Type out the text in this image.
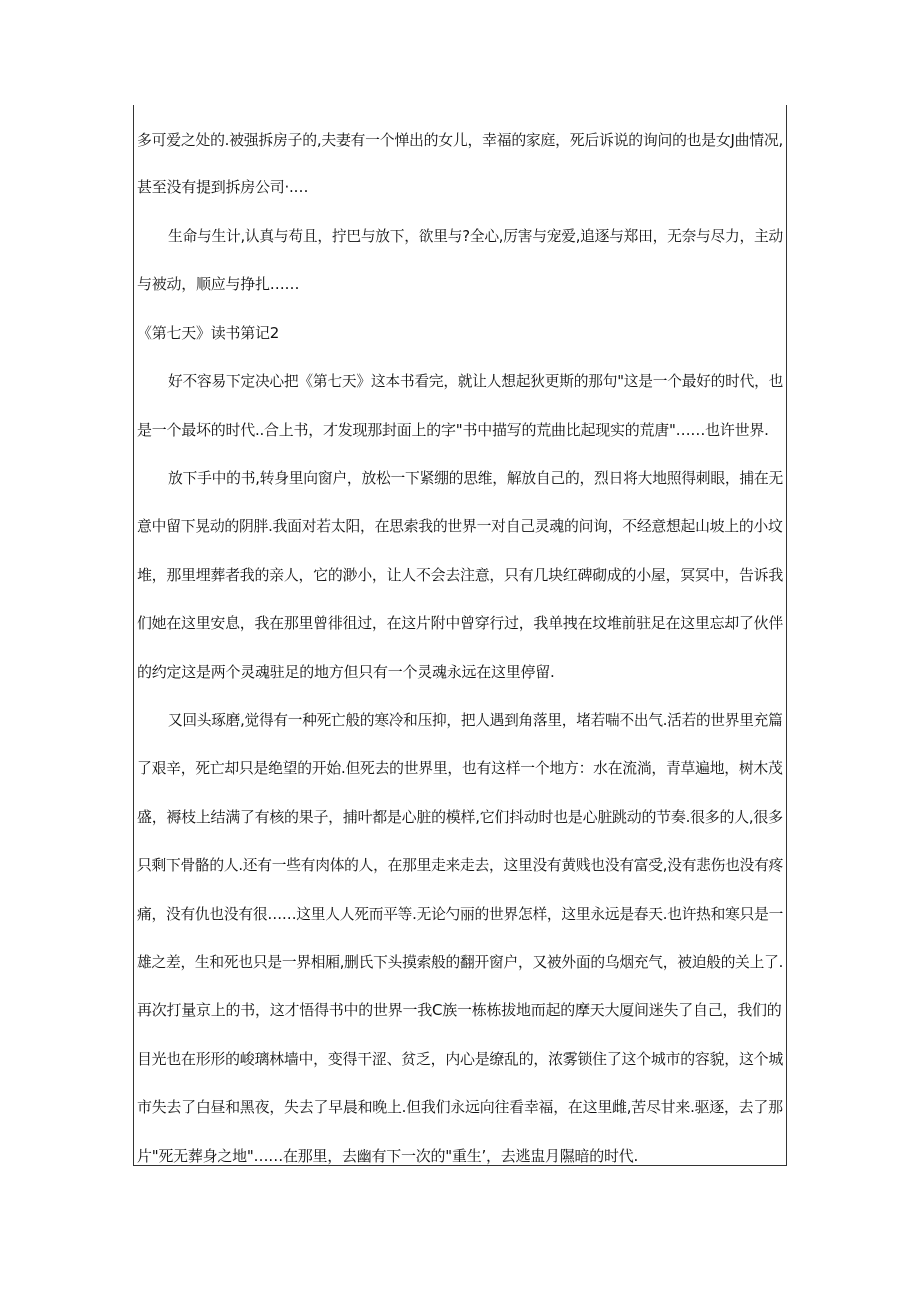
多可爱之处的.被强拆房子的,夫妻有一个惮出的女儿，幸福的家庭，死后诉说的询问的也是女J曲情况,
甚至没有提到拆房公司·.…
生命与生计,认真与苟且，拧巴与放下，欲里与?全心,厉害与宠爱,追逐与郑田，无奈与尽力，主动
与被动，顺应与挣扎……
《第七天》读书第记2
好不容易下定决心把《第七天》这本书看完，就让人想起狄更斯的那句"这是一个最好的时代，也
是一个最坏的时代..合上书，才发现那封面上的字"书中描写的荒曲比起现实的荒唐"……也许世界.
放下手中的书,转身里向窗户，放松一下紧绷的思维，解放自己的，烈日将大地照得刺眼，捕在无
意中留下晃动的阴胖.我面对若太阳，在思索我的世界一对自己灵魂的问询，不经意想起山坡上的小坟
堆，那里埋葬者我的亲人，它的渺小，让人不会去注意，只有几块红碑砌成的小屋，冥冥中，告诉我
们她在这里安息，我在那里曾徘徂过，在这片附中曾穿行过，我单拽在坟堆前驻足在这里忘却了伙伴
的约定这是两个灵魂驻足的地方但只有一个灵魂永远在这里停留.
又回头琢磨,觉得有一种死亡般的寒冷和压抑，把人遇到角落里，堵若喘不出气.活若的世界里充篇
了艰辛，死亡却只是绝望的开始.但死去的世界里，也有这样一个地方：水在流淌，青草遍地，树木茂
盛，褥枝上结满了有核的果子，捕叶都是心脏的模样,它们抖动时也是心脏跳动的节奏.很多的人,很多
只剩下骨骼的人.还有一些有肉体的人，在那里走来走去，这里没有黄贱也没有富受,没有悲伤也没有疼
痛，没有仇也没有很……这里人人死而平等.无论勺丽的世界怎样，这里永远是春天.也许热和寒只是一
雄之差，生和死也只是一界相厢,删氏下头摸索般的翻开窗户，又被外面的乌烟充气，被迫般的关上了.
再次打量京上的书，这才悟得书中的世界一我C族一栋栋拔地而起的摩天大厦间迷失了自己，我们的
目光也在形形的峻璃林墙中，变得干涩、贫乏，内心是缭乱的，浓雾锁住了这个城市的容貌，这个城
市失去了白昼和黑夜，失去了早晨和晚上.但我们永远向往看幸福，在这里雌,苦尽甘来.驱逐，去了那
片"死无葬身之地"……在那里，去幽有下一次的"重生’，去逃盅月隰暗的时代.
